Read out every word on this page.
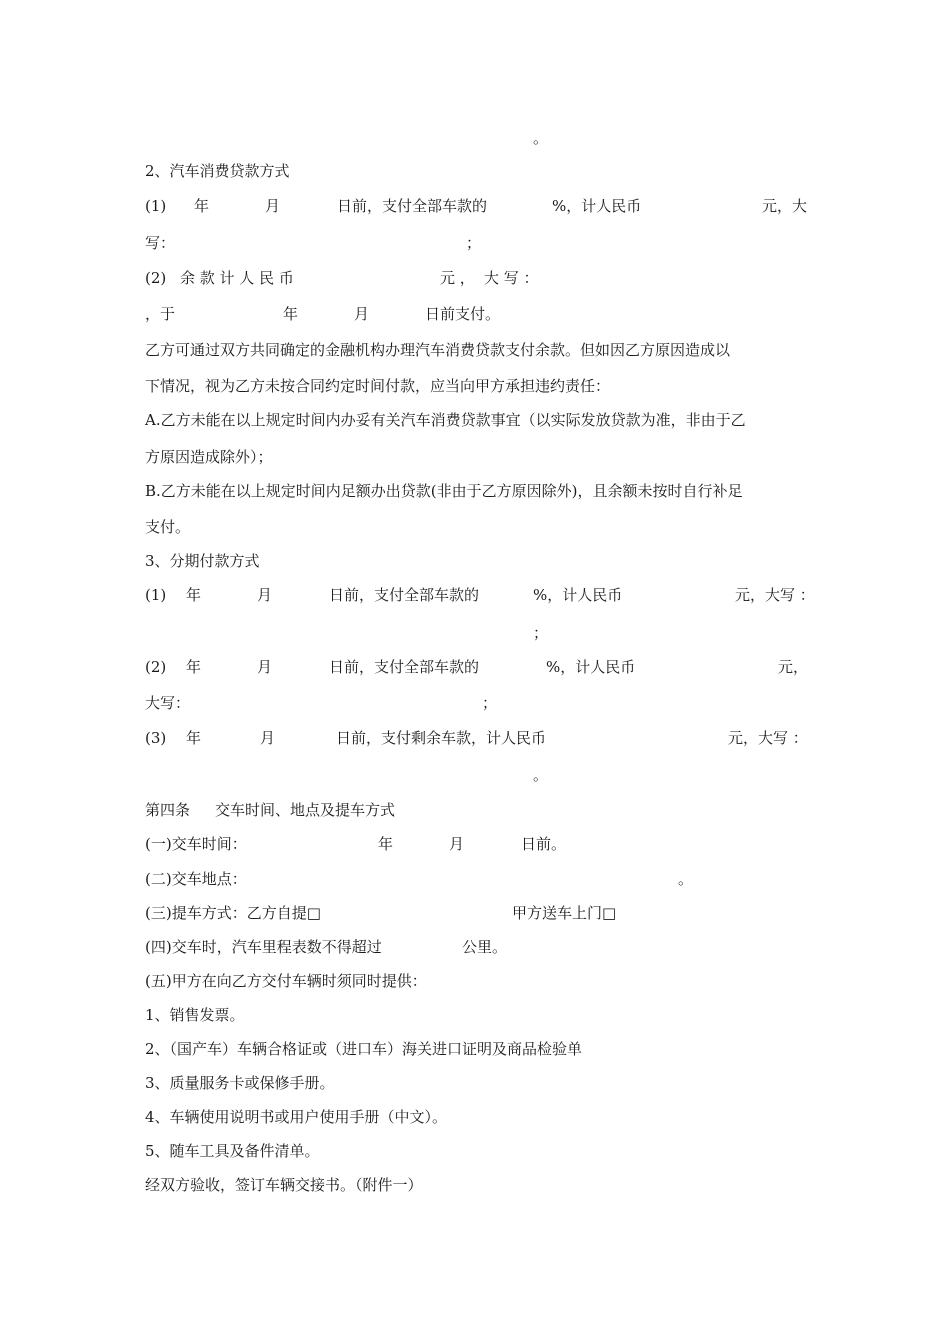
。
2、汽车消费贷款方式
(1) 年	月	日前，支付全部车款的	%，计人民币	元，大
写：	；
(2) 余 款 计 人 民 币	元 ， 大 写 ：
，于	年	月	日前支付。
乙方可通过双方共同确定的金融机构办理汽车消费贷款支付余款。但如因乙方原因造成以
下情况，视为乙方未按合同约定时间付款，应当向甲方承担违约责任：
A.乙方未能在以上规定时间内办妥有关汽车消费贷款事宜（以实际发放贷款为准，非由于乙
方原因造成除外）；
B.乙方未能在以上规定时间内足额办出贷款(非由于乙方原因除外)，且余额未按时自行补足
支付。
3、分期付款方式
(1) 年	月	日前，支付全部车款的	%，计人民币	元，大写 ：
；
(2) 年	月	日前，支付全部车款的	%，计人民币	元，
大写：	；
(3) 年	月	日前，支付剩余车款，计人民币	元，大写 ：
。
第四条 交车时间、地点及提车方式
(一)交车时间：	年	月	日前。
(二)交车地点：	。
(三)提车方式：乙方自提□	甲方送车上门□
(四)交车时，汽车里程表数不得超过	公里。
(五)甲方在向乙方交付车辆时须同时提供：
1、销售发票。
2、（国产车）车辆合格证或（进口车）海关进口证明及商品检验单
3、质量服务卡或保修手册。
4、车辆使用说明书或用户使用手册（中文）。
5、随车工具及备件清单。
经双方验收，签订车辆交接书。（附件一）
